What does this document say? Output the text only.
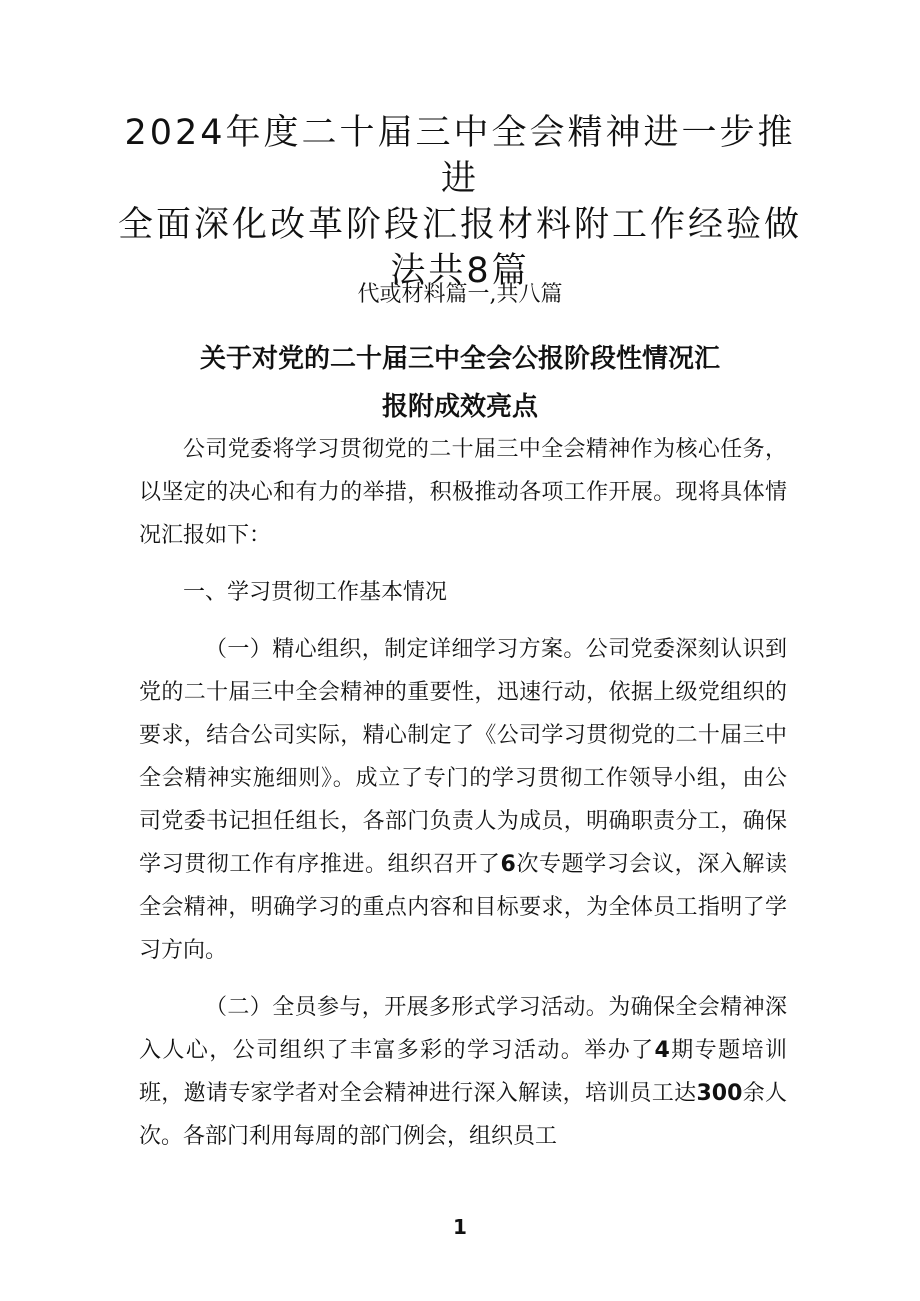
2024年度二十届三中全会精神进一步推进
全面深化改革阶段汇报材料附工作经验做
法共8篇

代或材料篇一,共八篇

关于对党的二十届三中全会公报阶段性情况汇
报附成效亮点

公司党委将学习贯彻党的二十届三中全会精神作为核心任务，以坚定的决心和有力的举措，积极推动各项工作开展。现将具体情况汇报如下：

一、学习贯彻工作基本情况

（一）精心组织，制定详细学习方案。公司党委深刻认识到党的二十届三中全会精神的重要性，迅速行动，依据上级党组织的要求，结合公司实际，精心制定了《公司学习贯彻党的二十届三中全会精神实施细则》。成立了专门的学习贯彻工作领导小组，由公司党委书记担任组长，各部门负责人为成员，明确职责分工，确保学习贯彻工作有序推进。组织召开了6次专题学习会议，深入解读全会精神，明确学习的重点内容和目标要求，为全体员工指明了学习方向。

（二）全员参与，开展多形式学习活动。为确保全会精神深入人心，公司组织了丰富多彩的学习活动。举办了4期专题培训班，邀请专家学者对全会精神进行深入解读，培训员工达300余人次。各部门利用每周的部门例会，组织员工

1
